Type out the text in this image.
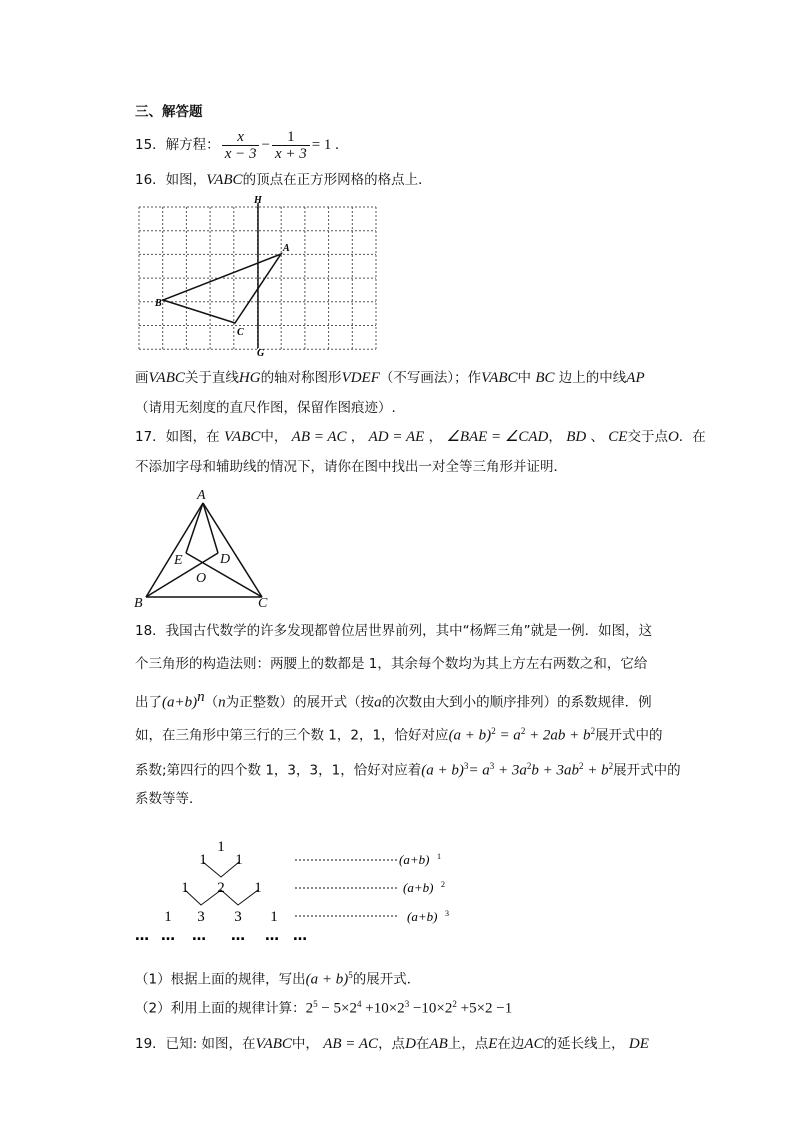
三、解答题
15．解方程： $\frac{x}{x - 3} - \frac{1}{x + 3} = 1$ .
16．如图，VABC的顶点在正方形网格的格点上．
H
G
A
B
C
画VABC关于直线HG的轴对称图形VDEF（不写画法）；作VABC中 BC 边上的中线AP
（请用无刻度的直尺作图，保留作图痕迹）.
17．如图，在 VABC中， AB = AC ， AD = AE ， ∠BAE = ∠CAD， BD 、 CE交于点O．在
不添加字母和辅助线的情况下，请你在图中找出一对全等三角形并证明．
A
B	C
D
E
O
18．我国古代数学的许多发现都曾位居世界前列，其中“杨辉三角”就是一例．如图，这
个三角形的构造法则：两腰上的数都是 1，其余每个数均为其上方左右两数之和，它给
出了$(a+b)^n(n$为正整数）的展开式（按a的次数由大到小的顺序排列）的系数规律．例
如，在三角形中第三行的三个数 1，2，1，恰好对应$(a + b)^2 = a^2 + 2ab + b^2$展开式中的
系数;第四行的四个数 1，3，3，1，恰好对应着$(a + b)^3= a^3 + 3a^2b + 3ab^2 + b^2$展开式中的
系数等等．
1
1 1
1 2 1
1 3 3 1
(a+b) 1
(a+b) 2
(a+b) 3
… … … … … …
（1）根据上面的规律，写出$(a + b)^5$的展开式．
（2）利用上面的规律计算：$2^5 - 5\times 2^4 +10\times 2^3 -10\times 2^2 +5\times 2 -1$
19．已知: 如图，在VABC中， AB = AC，点D在AB上，点E在边AC的延长线上， DE
